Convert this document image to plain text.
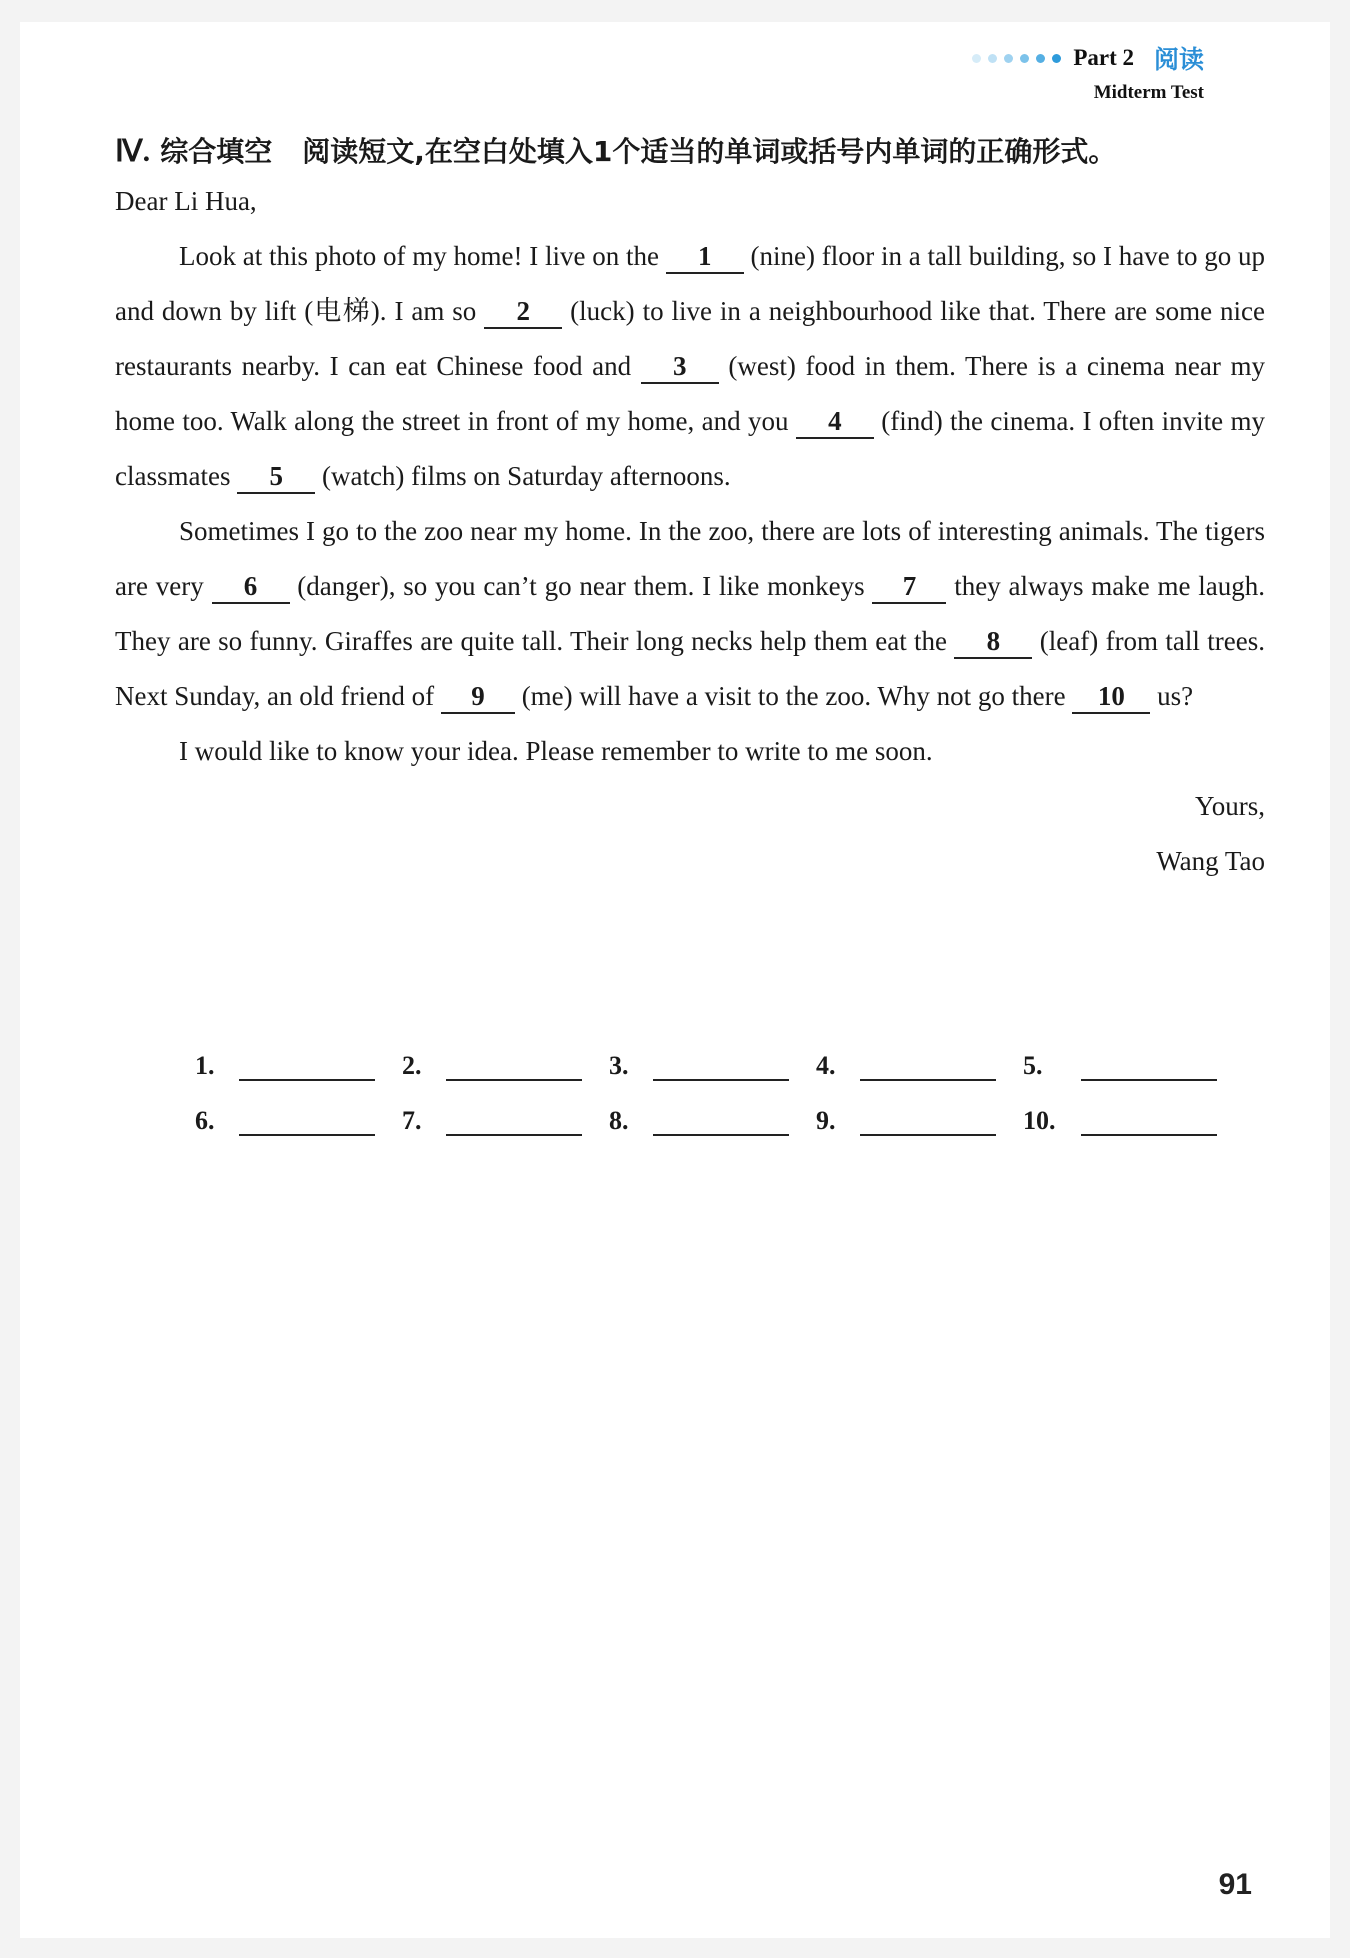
Part 2 阅读
Midterm Test

Ⅳ. 综合填空 阅读短文,在空白处填入1个适当的单词或括号内单词的正确形式。

Dear Li Hua,

Look at this photo of my home! I live on the 1 (nine) floor in a tall building, so I have to go up and down by lift (电梯). I am so 2 (luck) to live in a neighbourhood like that. There are some nice restaurants nearby. I can eat Chinese food and 3 (west) food in them. There is a cinema near my home too. Walk along the street in front of my home, and you 4 (find) the cinema. I often invite my classmates 5 (watch) films on Saturday afternoons.

Sometimes I go to the zoo near my home. In the zoo, there are lots of interesting animals. The tigers are very 6 (danger), so you can’t go near them. I like monkeys 7 they always make me laugh. They are so funny. Giraffes are quite tall. Their long necks help them eat the 8 (leaf) from tall trees. Next Sunday, an old friend of 9 (me) will have a visit to the zoo. Why not go there 10 us?

I would like to know your idea. Please remember to write to me soon.

Yours,

Wang Tao

1.	2.	3.	4.	5.
6.	7.	8.	9.	10.
91
